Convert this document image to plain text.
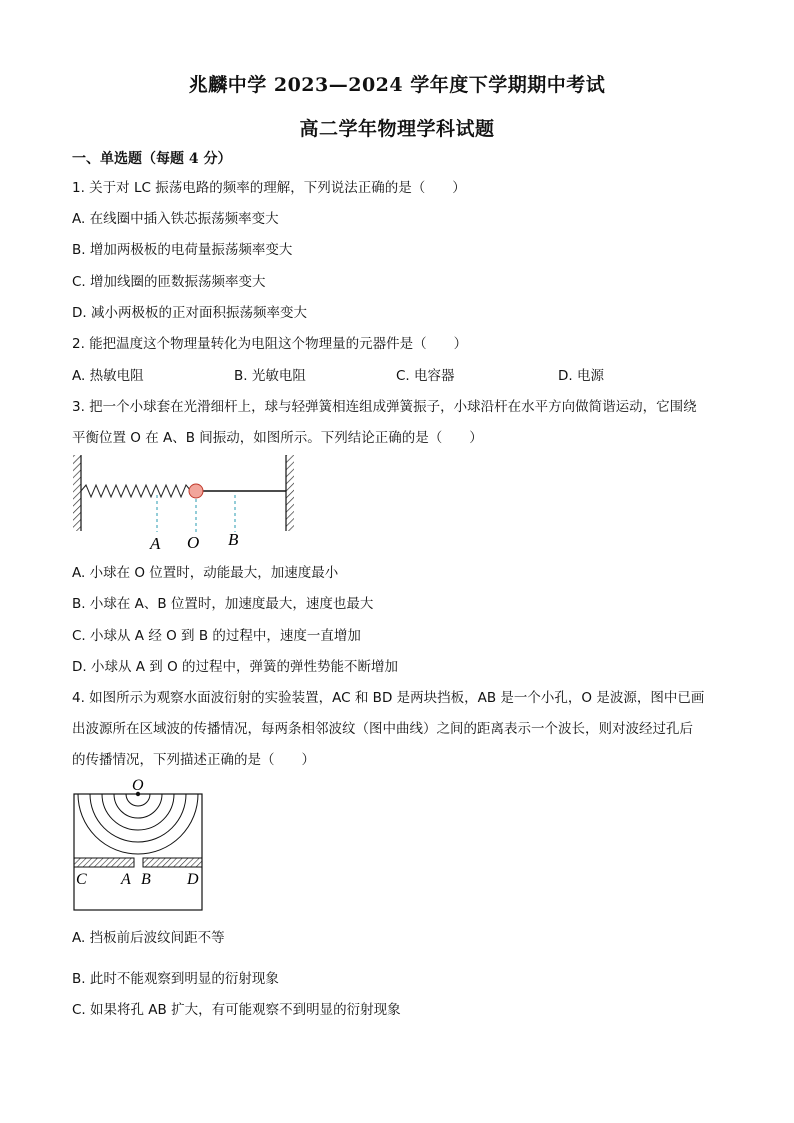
兆麟中学 2023—2024 学年度下学期期中考试
高二学年物理学科试题
一、单选题（每题 4 分）
1. 关于对 LC 振荡电路的频率的理解，下列说法正确的是（　　）
A. 在线圈中插入铁芯振荡频率变大
B. 增加两极板的电荷量振荡频率变大
C. 增加线圈的匝数振荡频率变大
D. 减小两极板的正对面积振荡频率变大
2. 能把温度这个物理量转化为电阻这个物理量的元器件是（　　）
A. 热敏电阻	B. 光敏电阻	C. 电容器	D. 电源
3. 把一个小球套在光滑细杆上，球与轻弹簧相连组成弹簧振子，小球沿杆在水平方向做简谐运动，它围绕
平衡位置 O 在 A、B 间振动，如图所示。下列结论正确的是（　　）
A O B
A. 小球在 O 位置时，动能最大，加速度最小
B. 小球在 A、B 位置时，加速度最大，速度也最大
C. 小球从 A 经 O 到 B 的过程中，速度一直增加
D. 小球从 A 到 O 的过程中，弹簧的弹性势能不断增加
4. 如图所示为观察水面波衍射的实验装置，AC 和 BD 是两块挡板，AB 是一个小孔，O 是波源，图中已画
出波源所在区域波的传播情况，每两条相邻波纹（图中曲线）之间的距离表示一个波长，则对波经过孔后
的传播情况，下列描述正确的是（　　）
O
C A B D
A. 挡板前后波纹间距不等
B. 此时不能观察到明显的衍射现象
C. 如果将孔 AB 扩大，有可能观察不到明显的衍射现象
